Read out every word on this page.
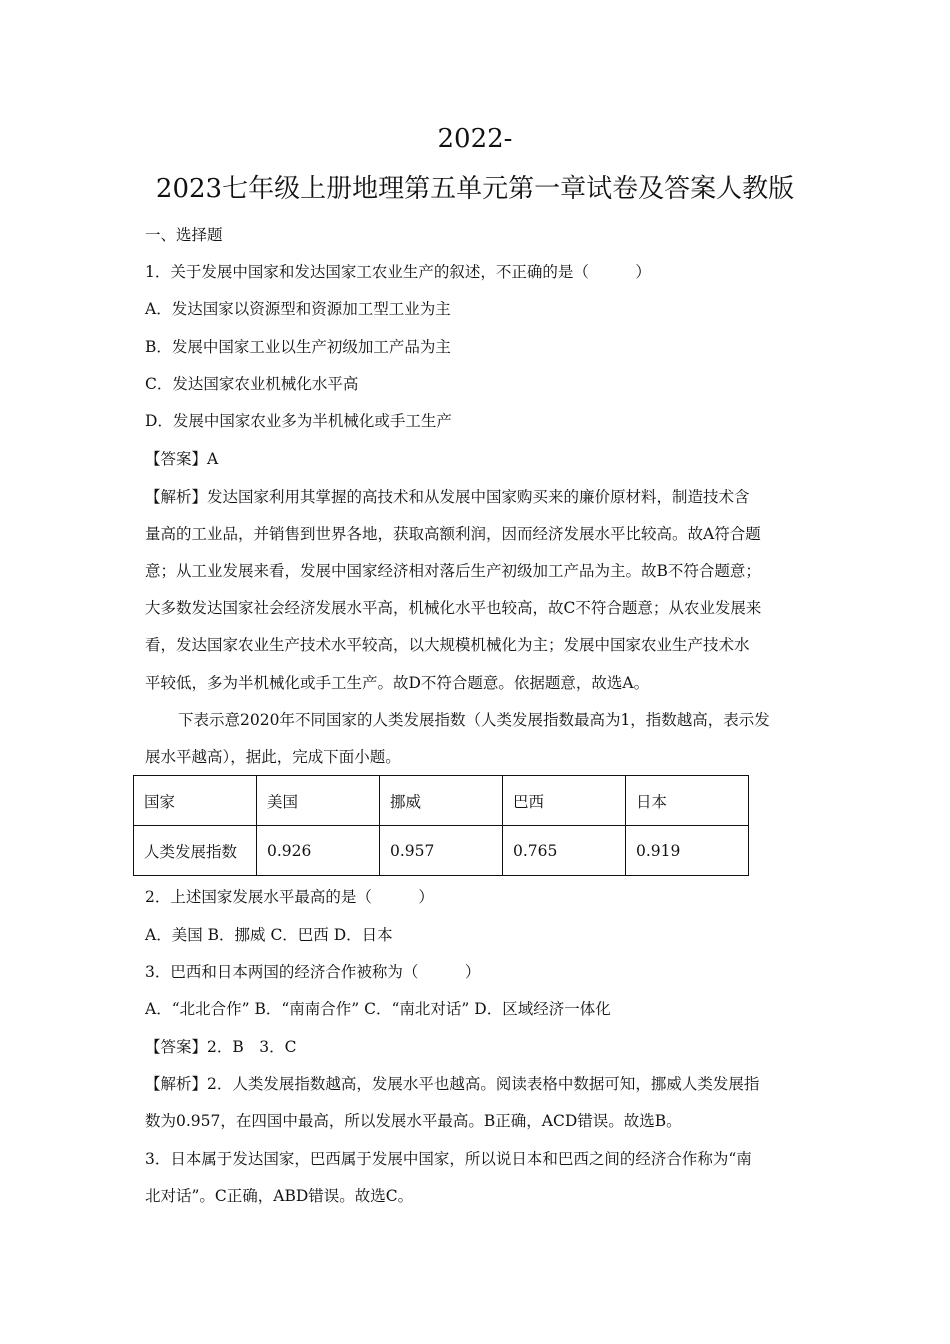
2022-
2023七年级上册地理第五单元第一章试卷及答案人教版
一、选择题
1．关于发展中国家和发达国家工农业生产的叙述，不正确的是（　　　）
A．发达国家以资源型和资源加工型工业为主
B．发展中国家工业以生产初级加工产品为主
C．发达国家农业机械化水平高
D．发展中国家农业多为半机械化或手工生产
【答案】A
【解析】发达国家利用其掌握的高技术和从发展中国家购买来的廉价原材料，制造技术含
量高的工业品，并销售到世界各地，获取高额利润，因而经济发展水平比较高。故A符合题
意；从工业发展来看，发展中国家经济相对落后生产初级加工产品为主。故B不符合题意；
大多数发达国家社会经济发展水平高，机械化水平也较高，故C不符合题意；从农业发展来
看，发达国家农业生产技术水平较高，以大规模机械化为主；发展中国家农业生产技术水
平较低，多为半机械化或手工生产。故D不符合题意。依据题意，故选A。
下表示意2020年不同国家的人类发展指数（人类发展指数最高为1，指数越高，表示发
展水平越高），据此，完成下面小题。
国家	美国	挪威	巴西	日本
人类发展指数	0.926	0.957	0.765	0.919
2．上述国家发展水平最高的是（　　　）
A．美国 B．挪威 C．巴西 D．日本
3．巴西和日本两国的经济合作被称为（　　　）
A．“北北合作” B．“南南合作” C．“南北对话” D．区域经济一体化
【答案】2．B　3．C
【解析】2．人类发展指数越高，发展水平也越高。阅读表格中数据可知，挪威人类发展指
数为0.957，在四国中最高，所以发展水平最高。B正确，ACD错误。故选B。
3．日本属于发达国家，巴西属于发展中国家，所以说日本和巴西之间的经济合作称为“南
北对话”。C正确，ABD错误。故选C。
